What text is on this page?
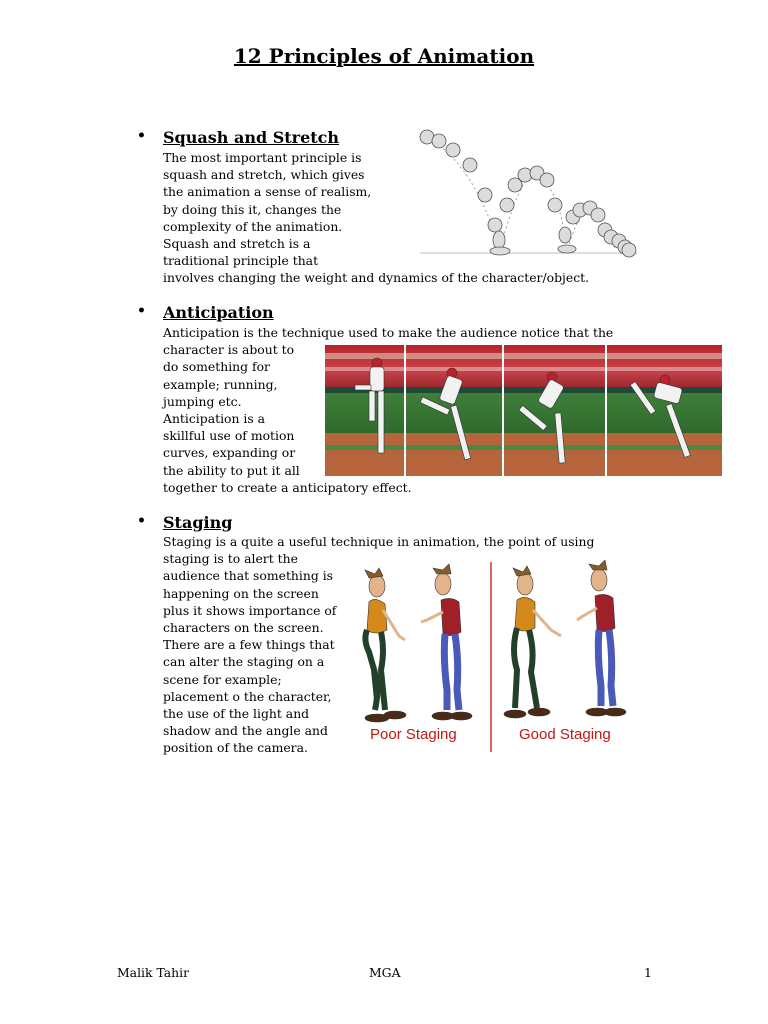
12 Principles of Animation
• Squash and Stretch
The most important principle is
squash and stretch, which gives
the animation a sense of realism,
by doing this it, changes the
complexity of the animation.
Squash and stretch is a
traditional principle that
involves changing the weight and dynamics of the character/object.
• Anticipation
Anticipation is the technique used to make the audience notice that the
character is about to
do something for
example; running,
jumping etc.
Anticipation is a
skillful use of motion
curves, expanding or
the ability to put it all
together to create a anticipatory effect.
• Staging
Staging is a quite a useful technique in animation, the point of using
staging is to alert the
audience that something is
happening on the screen
plus it shows importance of
characters on the screen.
There are a few things that
can alter the staging on a
scene for example;
placement o the character,
the use of the light and
shadow and the angle and
position of the camera.
Poor Staging	Good Staging
Malik Tahir	MGA	1
